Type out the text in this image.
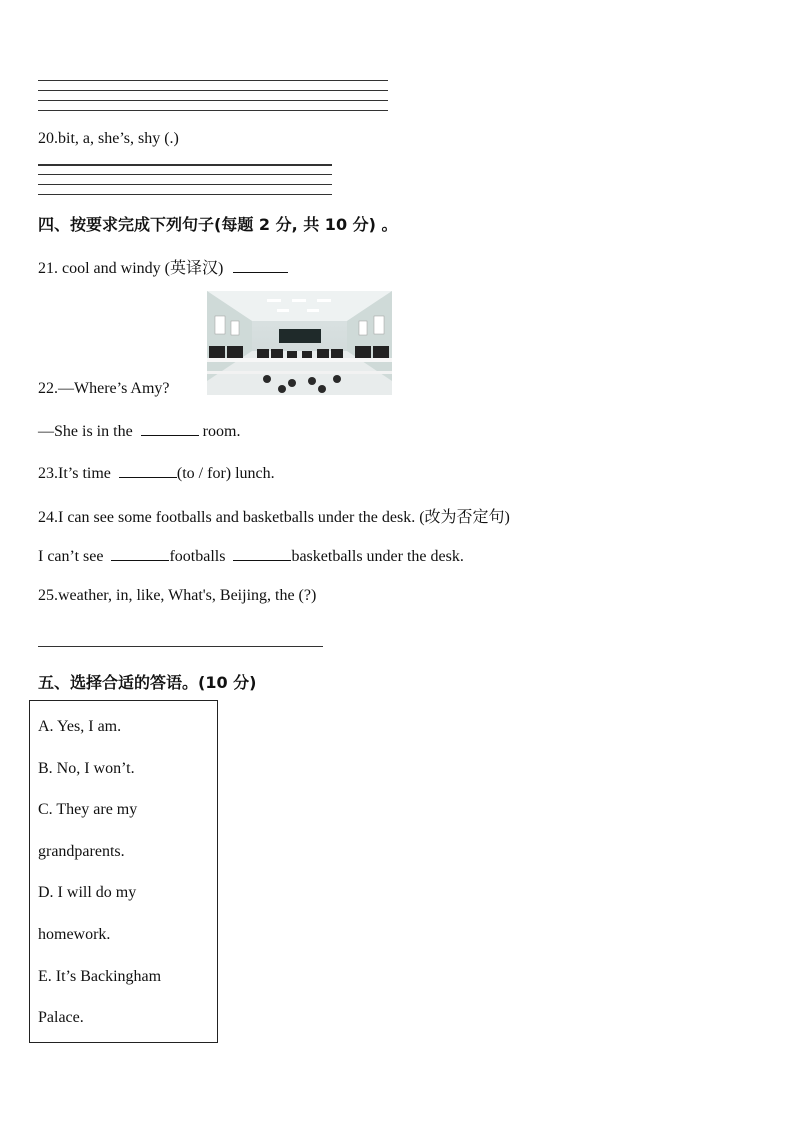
20.bit, a, she’s, shy (.)
四、按要求完成下列句子(每题 2 分, 共 10 分) 。
21. cool and windy (英译汉)
22.—Where’s Amy?
—She is in the	room.
23.It’s time	(to / for) lunch.
24.I can see some footballs and basketballs under the desk. (改为否定句)
I can’t see	footballs	basketballs under the desk.
25.weather, in, like, What's, Beijing, the (?)
五、选择合适的答语。(10 分)
A. Yes, I am.
B. No, I won’t.
C. They are my
grandparents.
D. I will do my
homework.
E. It’s Backingham
Palace.
